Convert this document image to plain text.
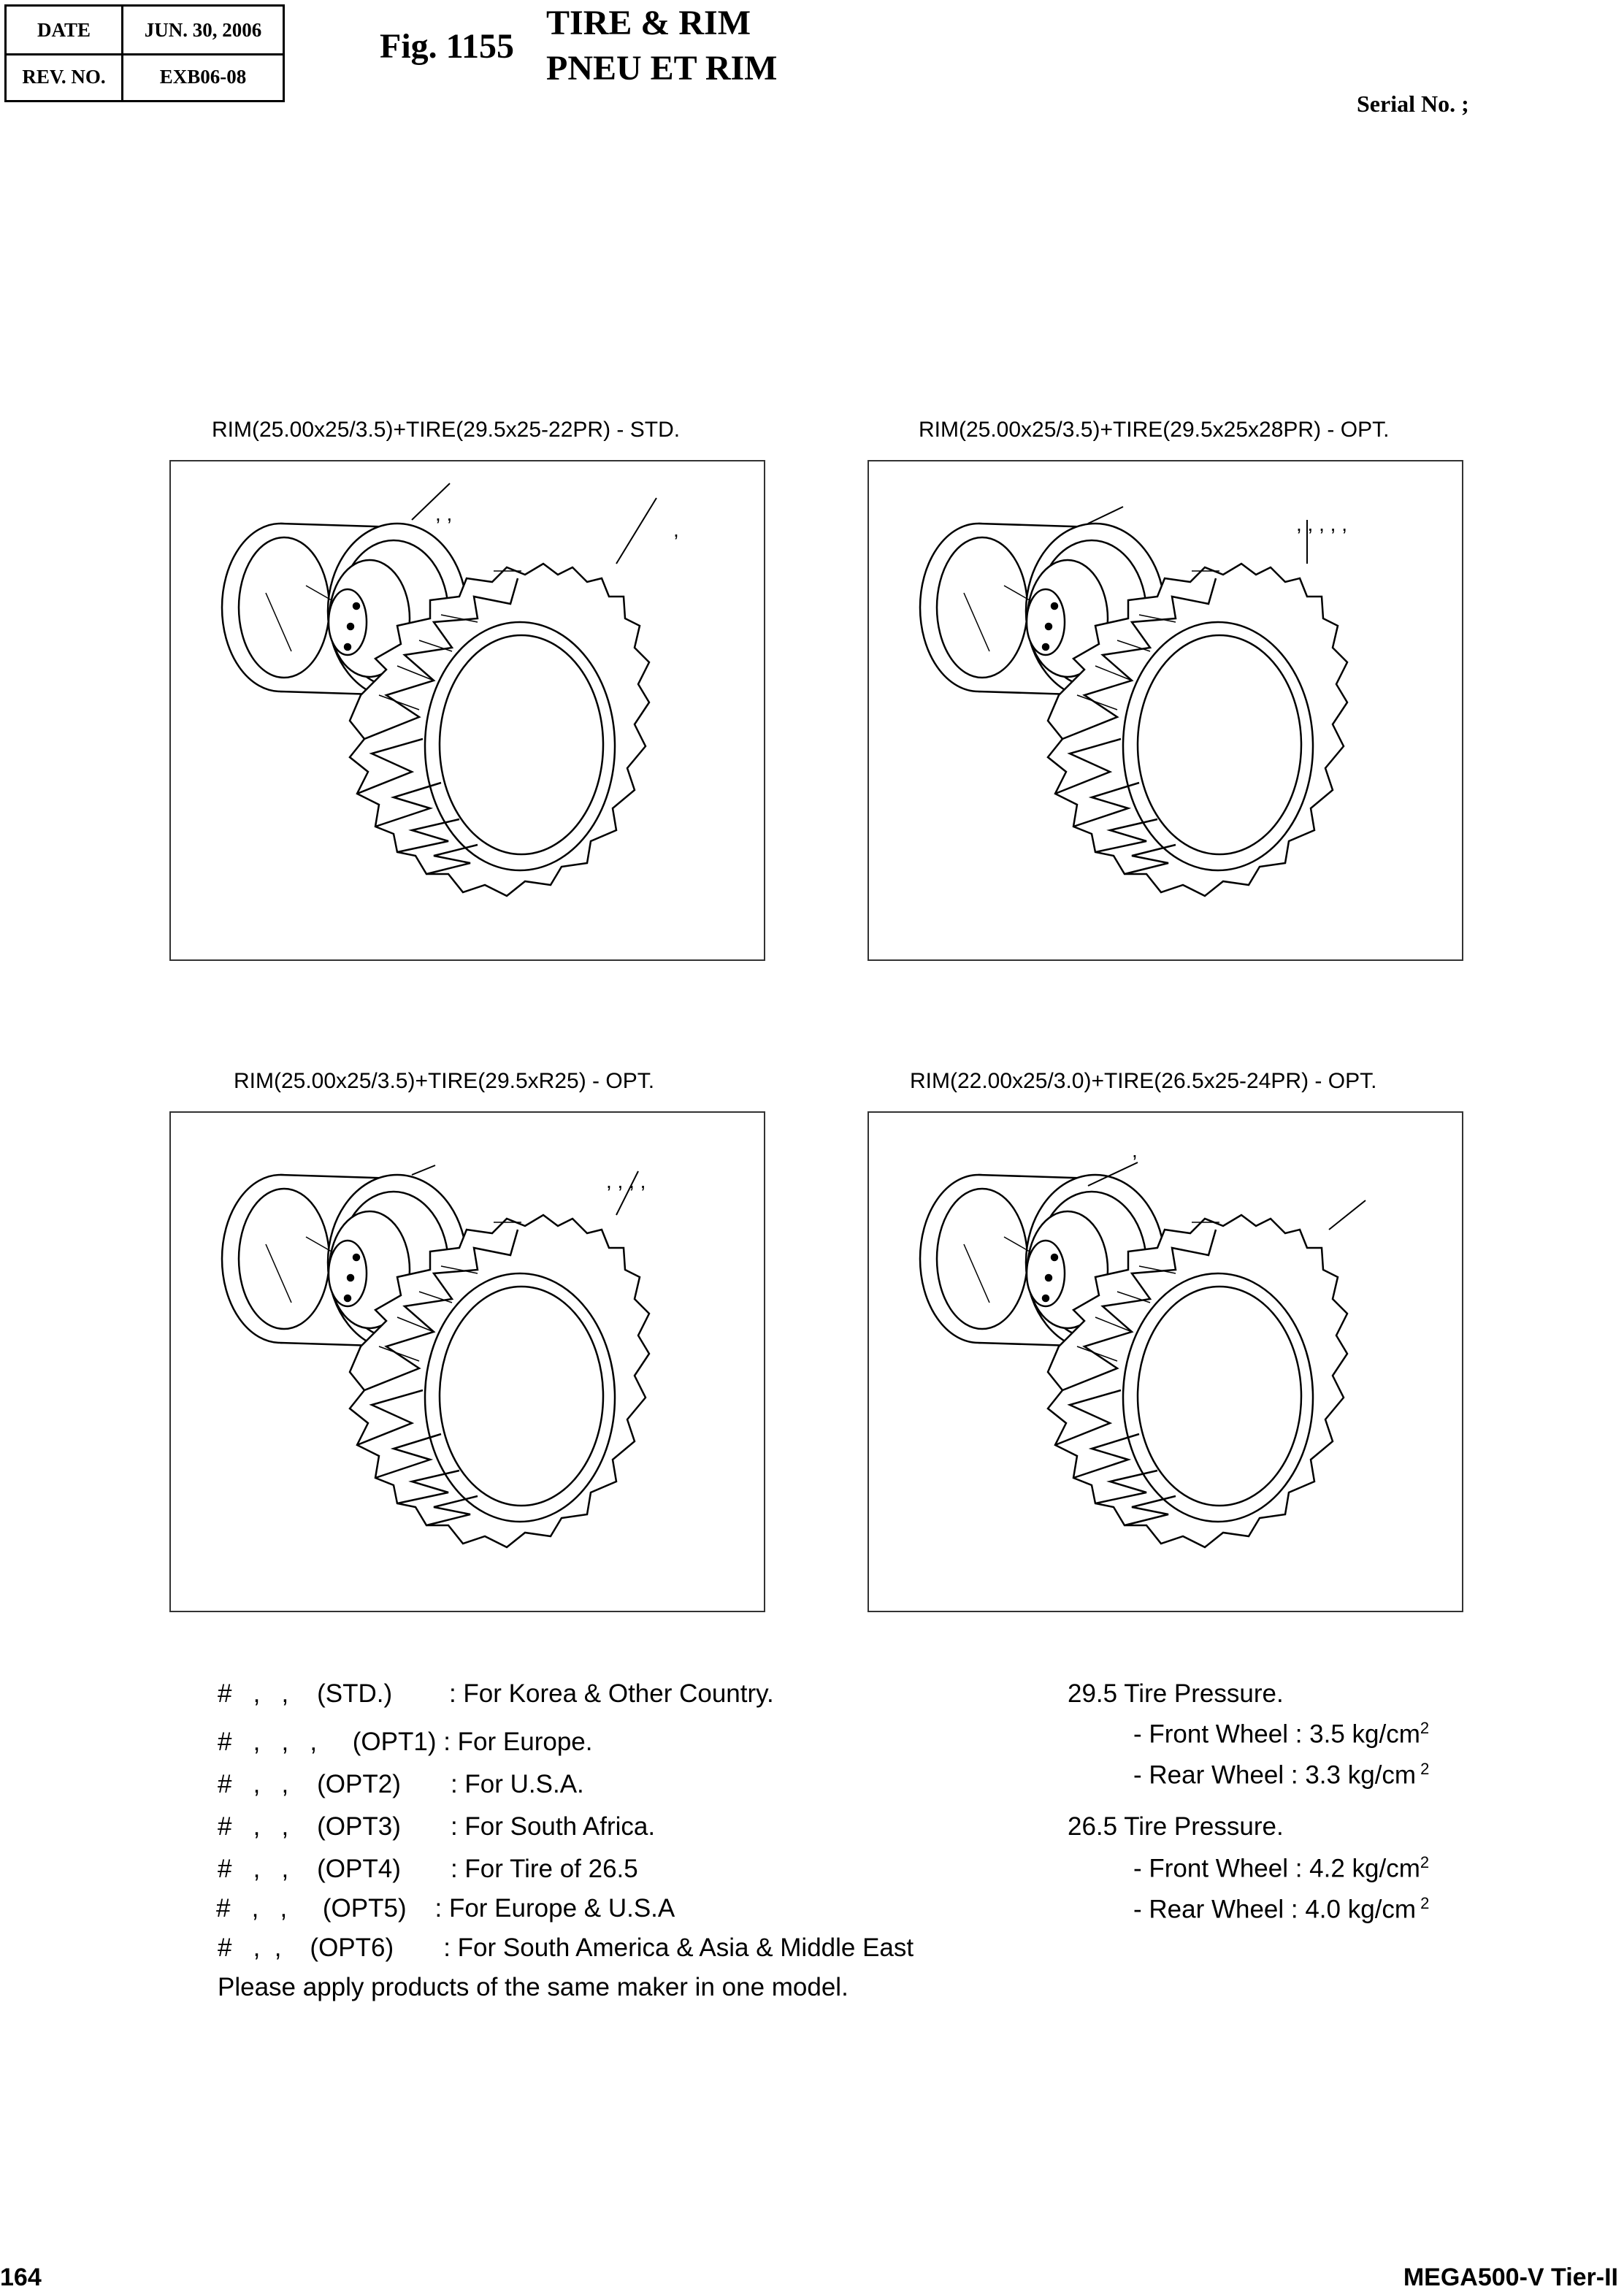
DATE	JUN. 30, 2006
REV. NO.	EXB06-08
Fig. 1155
TIRE & RIM
PNEU ET RIM
Serial No. ;
RIM(25.00x25/3.5)+TIRE(29.5x25-22PR) - STD.
, ,
,
RIM(25.00x25/3.5)+TIRE(29.5x25x28PR) - OPT.
, , , , ,
RIM(25.00x25/3.5)+TIRE(29.5xR25) - OPT.
, , , ,
RIM(22.00x25/3.0)+TIRE(26.5x25-24PR) - OPT.
,
#   ,   ,    (STD.)        : For Korea & Other Country.
#   ,   ,   ,     (OPT1) : For Europe.
#   ,   ,    (OPT2)       : For U.S.A.
#   ,   ,    (OPT3)       : For South Africa.
#   ,   ,    (OPT4)       : For Tire of 26.5
#   ,   ,     (OPT5)    : For Europe & U.S.A
#   ,  ,    (OPT6)       : For South America & Asia & Middle East
Please apply products of the same maker in one model.
29.5 Tire Pressure.
- Front Wheel : 3.5 $kg/cm^2$
- Rear Wheel : 3.3 kg/cm $^2$
26.5 Tire Pressure.
- Front Wheel : 4.2 $kg/cm^2$
- Rear Wheel : 4.0 kg/cm $^2$
164	MEGA500-V Tier-II
